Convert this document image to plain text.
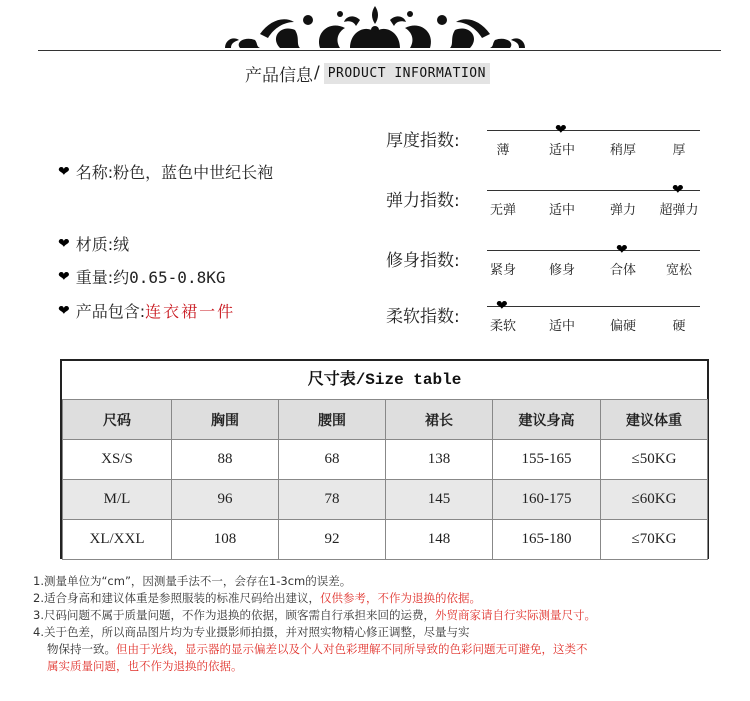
产品信息 / PRODUCT INFORMATION
❤ 名称: 粉色，蓝色中世纪长袍
❤ 材质: 绒
❤ 重量: 约0.65-0.8KG
❤ 产品包含: 连衣裙一件
厚度指数:
❤
薄	适中	稍厚	厚
弹力指数:
❤
无弹	适中	弹力	超弹力
修身指数:
❤
紧身	修身	合体	宽松
柔软指数:
❤
柔软	适中	偏硬	硬
尺寸表/Size table
尺码	胸围	腰围	裙长	建议身高	建议体重
XS/S	88	68	138	155-165	≤50KG
M/L	96	78	145	160-175	≤60KG
XL/XXL	108	92	148	165-180	≤70KG
1.测量单位为“cm”，因测量手法不一，会存在1-3cm的误差。
2.适合身高和建议体重是参照服装的标准尺码给出建议，仅供参考，不作为退换的依据。
3.尺码问题不属于质量问题，不作为退换的依据，顾客需自行承担来回的运费，外贸商家请自行实际测量尺寸。
4.关于色差，所以商品图片均为专业摄影师拍摄，并对照实物精心修正调整，尽量与实
物保持一致。但由于光线，显示器的显示偏差以及个人对色彩理解不同所导致的色彩问题无可避免，这类不
属实质量问题，也不作为退换的依据。
